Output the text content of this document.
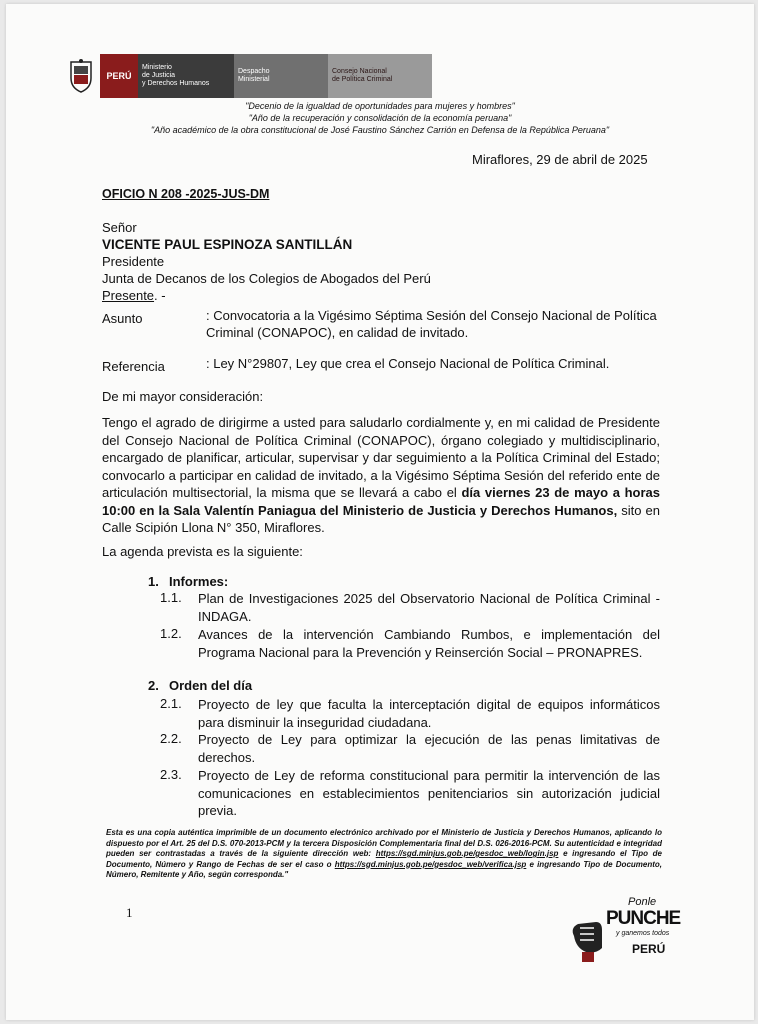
PERÚ
Ministerio
de Justicia
y Derechos Humanos
Despacho
Ministerial
Consejo Nacional
de Política Criminal
"Decenio de la igualdad de oportunidades para mujeres y hombres"
"Año de la recuperación y consolidación de la economía peruana"
"Año académico de la obra constitucional de José Faustino Sánchez Carrión en Defensa de la República Peruana"
Miraflores, 29 de abril de 2025
OFICIO N 208 -2025-JUS-DM
Señor
VICENTE PAUL ESPINOZA SANTILLÁN
Presidente
Junta de Decanos de los Colegios de Abogados del Perú
Presente. -
Asunto	: Convocatoria a la Vigésimo Séptima Sesión del Consejo Nacional de Política Criminal (CONAPOC), en calidad de invitado.
Referencia	: Ley N°29807, Ley que crea el Consejo Nacional de Política Criminal.
De mi mayor consideración:
Tengo el agrado de dirigirme a usted para saludarlo cordialmente y, en mi calidad de Presidente del Consejo Nacional de Política Criminal (CONAPOC), órgano colegiado y multidisciplinario, encargado de planificar, articular, supervisar y dar seguimiento a la Política Criminal del Estado; convocarlo a participar en calidad de invitado, a la Vigésimo Séptima Sesión del referido ente de articulación multisectorial, la misma que se llevará a cabo el día viernes 23 de mayo a horas 10:00 en la Sala Valentín Paniagua del Ministerio de Justicia y Derechos Humanos, sito en Calle Scipión Llona N° 350, Miraflores.
La agenda prevista es la siguiente:
1. Informes:
1.1. Plan de Investigaciones 2025 del Observatorio Nacional de Política Criminal - INDAGA.
1.2. Avances de la intervención Cambiando Rumbos, e implementación del Programa Nacional para la Prevención y Reinserción Social – PRONAPRES.
2. Orden del día
2.1. Proyecto de ley que faculta la interceptación digital de equipos informáticos para disminuir la inseguridad ciudadana.
2.2. Proyecto de Ley para optimizar la ejecución de las penas limitativas de derechos.
2.3. Proyecto de Ley de reforma constitucional para permitir la intervención de las comunicaciones en establecimientos penitenciarios sin autorización judicial previa.
Esta es una copia auténtica imprimible de un documento electrónico archivado por el Ministerio de Justicia y Derechos Humanos, aplicando lo dispuesto por el Art. 25 del D.S. 070-2013-PCM y la tercera Disposición Complementaria final del D.S. 026-2016-PCM. Su autenticidad e integridad pueden ser contrastadas a través de la siguiente dirección web: https://sgd.minjus.gob.pe/gesdoc_web/login.jsp e ingresando el Tipo de Documento, Número y Rango de Fechas de ser el caso o https://sgd.minjus.gob.pe/gesdoc_web/verifica.jsp e ingresando Tipo de Documento, Número, Remitente y Año, según corresponda."
1
Ponle
PUNCHE
y ganemos todos
PERÚ
